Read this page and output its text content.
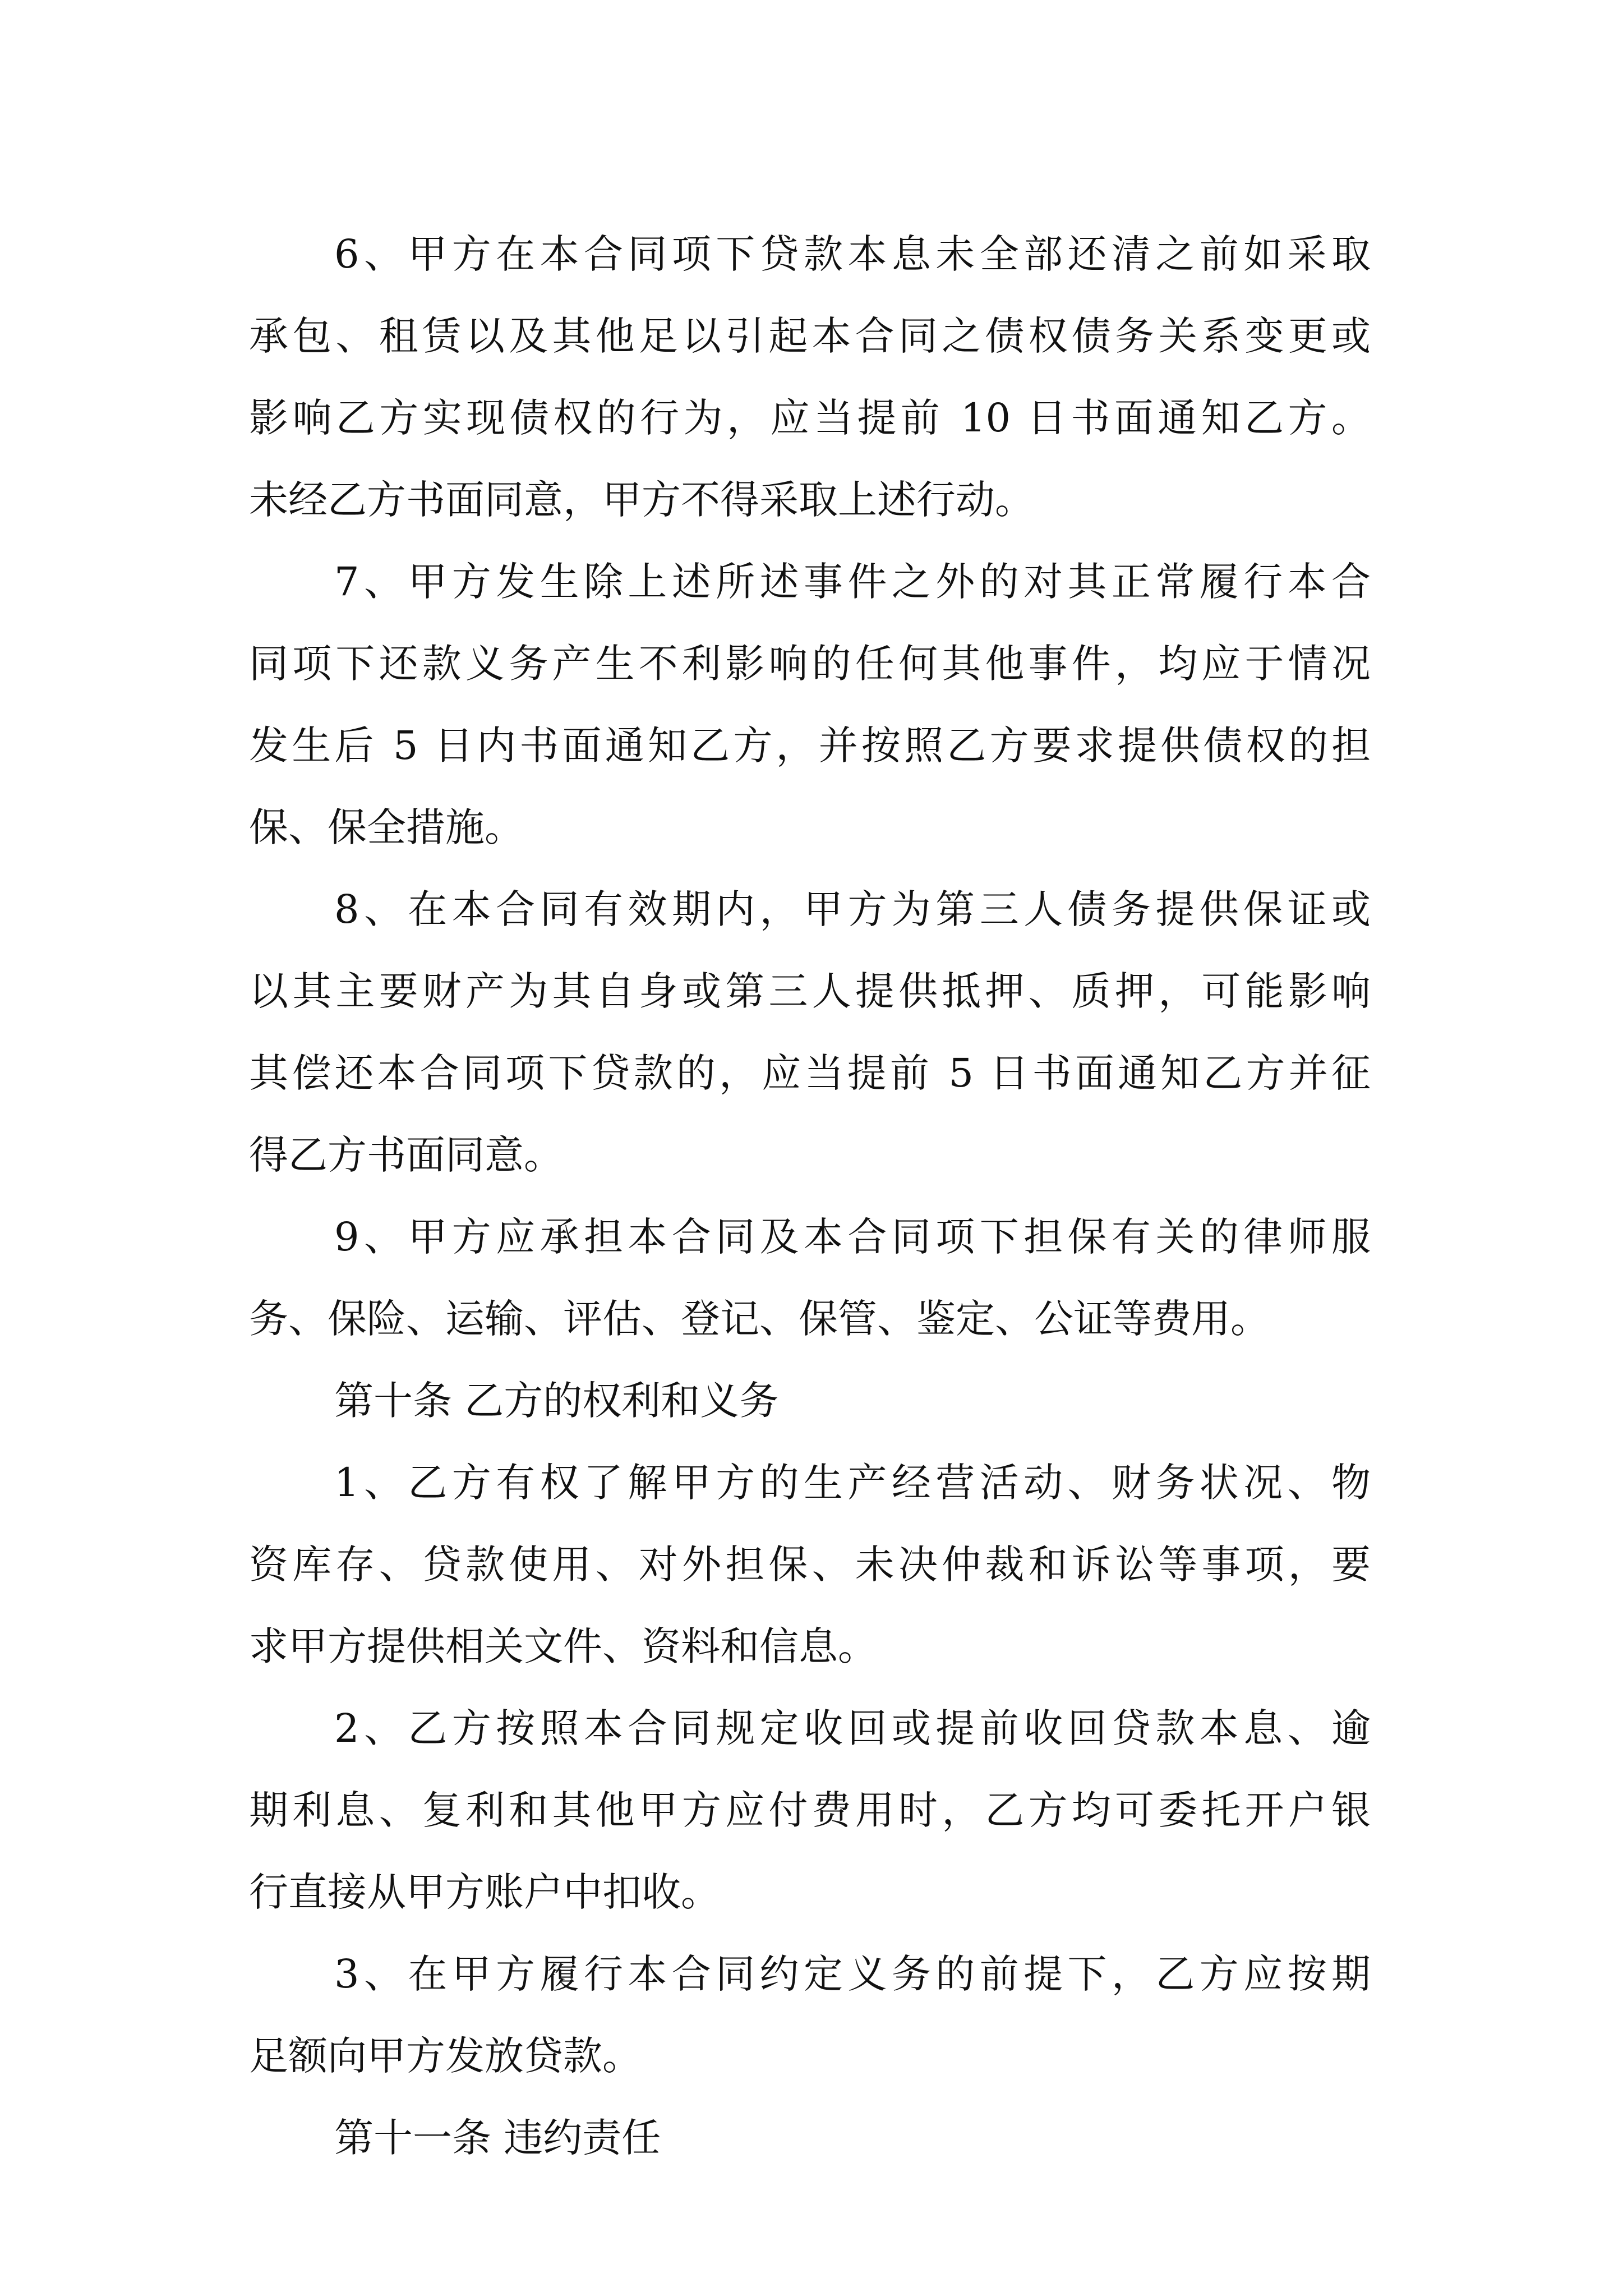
6、甲方在本合同项下贷款本息未全部还清之前如采取
承包、租赁以及其他足以引起本合同之债权债务关系变更或
影响乙方实现债权的行为，应当提前 10 日书面通知乙方。
未经乙方书面同意，甲方不得采取上述行动。
7、甲方发生除上述所述事件之外的对其正常履行本合
同项下还款义务产生不利影响的任何其他事件，均应于情况
发生后 5 日内书面通知乙方，并按照乙方要求提供债权的担
保、保全措施。
8、在本合同有效期内，甲方为第三人债务提供保证或
以其主要财产为其自身或第三人提供抵押、质押，可能影响
其偿还本合同项下贷款的，应当提前 5 日书面通知乙方并征
得乙方书面同意。
9、甲方应承担本合同及本合同项下担保有关的律师服
务、保险、运输、评估、登记、保管、鉴定、公证等费用。
第十条 乙方的权利和义务
1、乙方有权了解甲方的生产经营活动、财务状况、物
资库存、贷款使用、对外担保、未决仲裁和诉讼等事项，要
求甲方提供相关文件、资料和信息。
2、乙方按照本合同规定收回或提前收回贷款本息、逾
期利息、复利和其他甲方应付费用时，乙方均可委托开户银
行直接从甲方账户中扣收。
3、在甲方履行本合同约定义务的前提下，乙方应按期
足额向甲方发放贷款。
第十一条 违约责任
